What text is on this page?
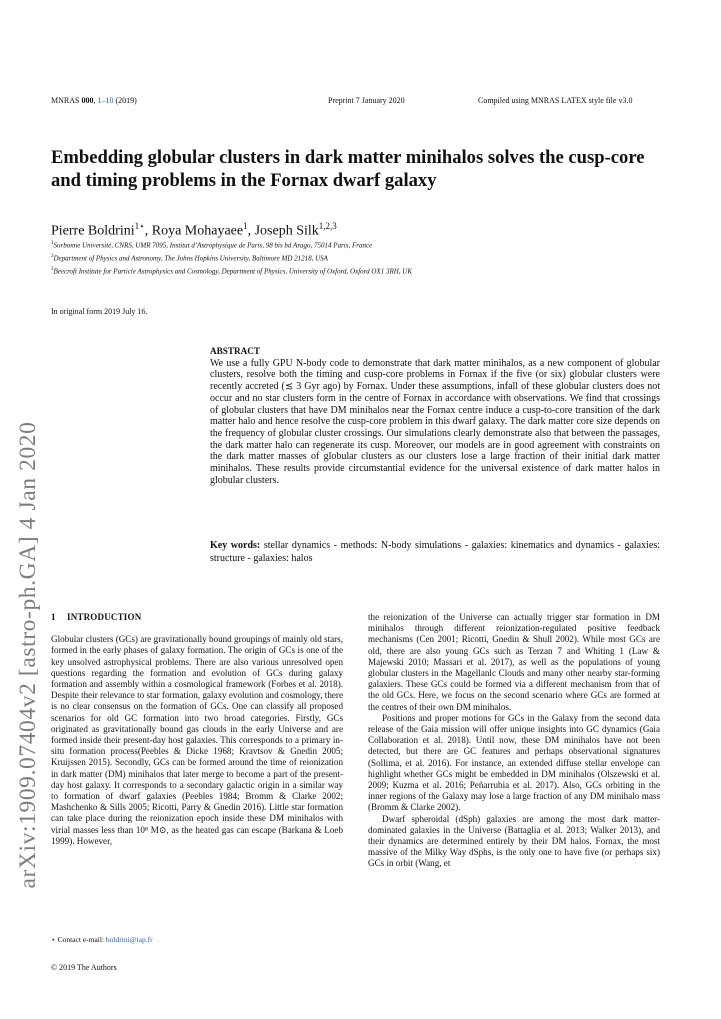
MNRAS 000, 1–10 (2019)	Preprint 7 January 2020	Compiled using MNRAS LATEX style file v3.0
Embedding globular clusters in dark matter minihalos solves the cusp-core and timing problems in the Fornax dwarf galaxy
Pierre Boldrini$^{1⋆}$, Roya Mohayaee$^1$, Joseph Silk$^{1,2,3}$
$^1$Sorbonne Université, CNRS, UMR 7095, Institut d’Astrophysique de Paris, 98 bis bd Arago, 75014 Paris, France
$^2$Department of Physics and Astronomy, The Johns Hopkins University, Baltimore MD 21218, USA
$^3$Beecroft Institute for Particle Astrophysics and Cosmology, Department of Physics, University of Oxford, Oxford OX1 3RH, UK
In original form 2019 July 16.
arXiv:1909.07404v2 [astro-ph.GA] 4 Jan 2020
ABSTRACT

We use a fully GPU N-body code to demonstrate that dark matter minihalos, as a new component of globular clusters, resolve both the timing and cusp-core problems in Fornax if the five (or six) globular clusters were recently accreted (≲ 3 Gyr ago) by Fornax. Under these assumptions, infall of these globular clusters does not occur and no star clusters form in the centre of Fornax in accordance with observations. We find that crossings of globular clusters that have DM minihalos near the Fornax centre induce a cusp-to-core transition of the dark matter halo and hence resolve the cusp-core problem in this dwarf galaxy. The dark matter core size depends on the frequency of globular cluster crossings. Our simulations clearly demonstrate also that between the passages, the dark matter halo can regenerate its cusp. Moreover, our models are in good agreement with constraints on the dark matter masses of globular clusters as our clusters lose a large fraction of their initial dark matter minihalos. These results provide circumstantial evidence for the universal existence of dark matter halos in globular clusters.

Key words: stellar dynamics - methods: N-body simulations - galaxies: kinematics and dynamics - galaxies: structure - galaxies: halos
1 INTRODUCTION

Globular clusters (GCs) are gravitationally bound groupings of mainly old stars, formed in the early phases of galaxy formation. The origin of GCs is one of the key unsolved astrophysical problems. There are also various unresolved open questions regarding the formation and evolution of GCs during galaxy formation and assembly within a cosmological framework (Forbes et al. 2018). Despite their relevance to star formation, galaxy evolution and cosmology, there is no clear consensus on the formation of GCs. One can classify all proposed scenarios for old GC formation into two broad categories. Firstly, GCs originated as gravitationally bound gas clouds in the early Universe and are formed inside their present-day host galaxies. This corresponds to a primary in-situ formation process(Peebles & Dicke 1968; Kravtsov & Gnedin 2005; Kruijssen 2015). Secondly, GCs can be formed around the time of reionization in dark matter (DM) minihalos that later merge to become a part of the present-day host galaxy. It corresponds to a secondary galactic origin in a similar way to formation of dwarf galaxies (Peebles 1984; Bromm & Clarke 2002; Mashchenko & Sills 2005; Ricotti, Parry & Gnedin 2016). Little star formation can take place during the reionization epoch inside these DM minihalos with virial masses less than 10⁸ M⊙, as the heated gas can escape (Barkana & Loeb 1999). However,

the reionization of the Universe can actually trigger star formation in DM minihalos through different reionization-regulated positive feedback mechanisms (Cen 2001; Ricotti, Gnedin & Shull 2002). While most GCs are old, there are also young GCs such as Terzan 7 and Whiting 1 (Law & Majewski 2010; Massari et al. 2017), as well as the populations of young globular clusters in the Magellanlc Clouds and many other nearby star-forming galaxiers. These GCs could be formed via a different mechanism from that of the old GCs. Here, we focus on the second scenario where GCs are formed at the centres of their own DM minihalos.

Positions and proper motions for GCs in the Galaxy from the second data release of the Gaia mission will offer unique insights into GC dynamics (Gaia Collaboration et al. 2018). Until now, these DM minihalos have not been detected, but there are GC features and perhaps observational signatures (Sollima, et al. 2016). For instance, an extended diffuse stellar envelope can highlight whether GCs might be embedded in DM minihalos (Olszewski et al. 2009; Kuzma et al. 2016; Peñarrubia et al. 2017). Also, GCs orbiting in the inner regions of the Galaxy may lose a large fraction of any DM minihalo mass (Bromm & Clarke 2002).

Dwarf spheroidal (dSph) galaxies are among the most dark matter-dominated galaxies in the Universe (Battaglia et al. 2013; Walker 2013), and their dynamics are determined entirely by their DM halos. Fornax, the most massive of the Milky Way dSphs, is the only one to have five (or perhaps six) GCs in orbit (Wang, et

⋆ Contact e-mail: boldrini@iap.fr
© 2019 The Authors
